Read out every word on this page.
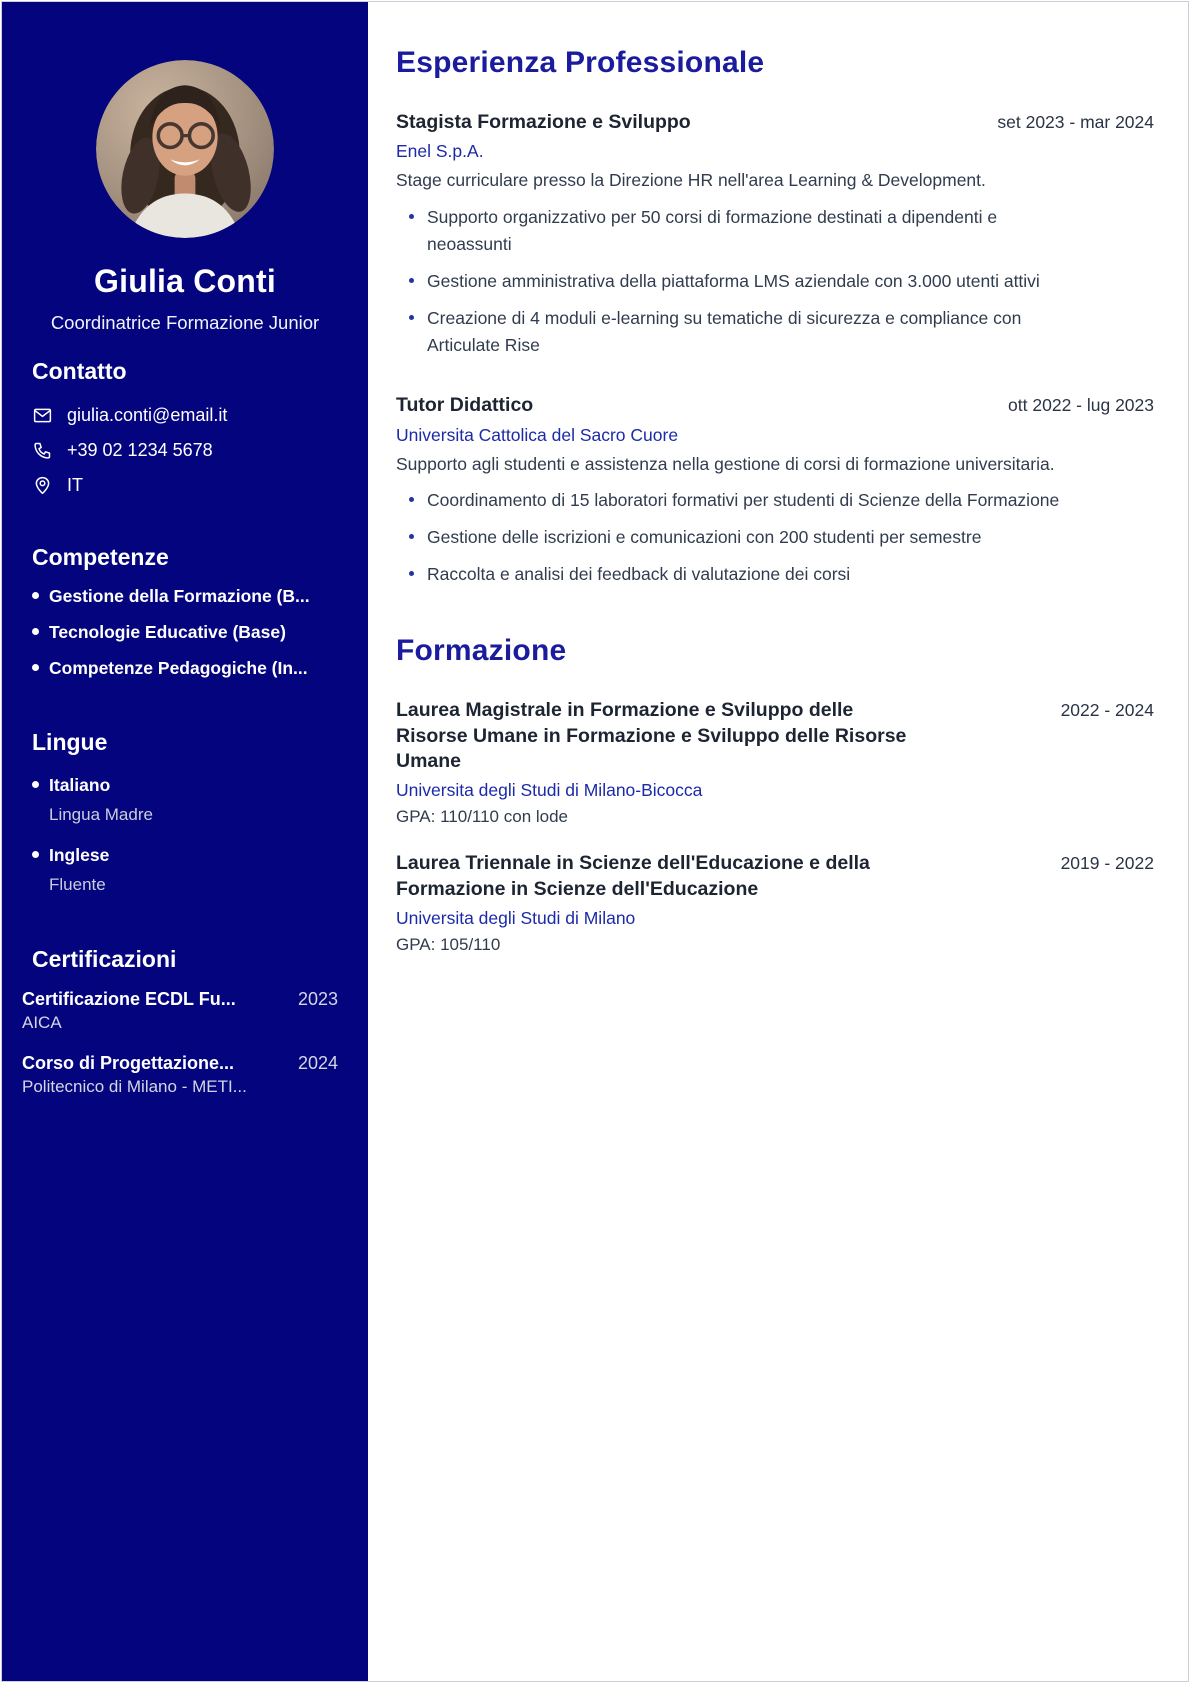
Giulia Conti
Coordinatrice Formazione Junior
Contatto
giulia.conti@email.it
+39 02 1234 5678
IT
Competenze
Gestione della Formazione (B...
Tecnologie Educative (Base)
Competenze Pedagogiche (In...
Lingue
Italiano
Lingua Madre
Inglese
Fluente
Certificazioni
Certificazione ECDL Fu...	2023
AICA
Corso di Progettazione...	2024
Politecnico di Milano - METI...
Esperienza Professionale
Stagista Formazione e Sviluppo	set 2023 - mar 2024
Enel S.p.A.
Stage curriculare presso la Direzione HR nell'area Learning & Development.
Supporto organizzativo per 50 corsi di formazione destinati a dipendenti e neoassunti
Gestione amministrativa della piattaforma LMS aziendale con 3.000 utenti attivi
Creazione di 4 moduli e-learning su tematiche di sicurezza e compliance con Articulate Rise
Tutor Didattico	ott 2022 - lug 2023
Universita Cattolica del Sacro Cuore
Supporto agli studenti e assistenza nella gestione di corsi di formazione universitaria.
Coordinamento di 15 laboratori formativi per studenti di Scienze della Formazione
Gestione delle iscrizioni e comunicazioni con 200 studenti per semestre
Raccolta e analisi dei feedback di valutazione dei corsi
Formazione
Laurea Magistrale in Formazione e Sviluppo delle Risorse Umane in Formazione e Sviluppo delle Risorse Umane
2022 - 2024
Universita degli Studi di Milano-Bicocca
GPA: 110/110 con lode
Laurea Triennale in Scienze dell'Educazione e della Formazione in Scienze dell'Educazione
2019 - 2022
Universita degli Studi di Milano
GPA: 105/110
